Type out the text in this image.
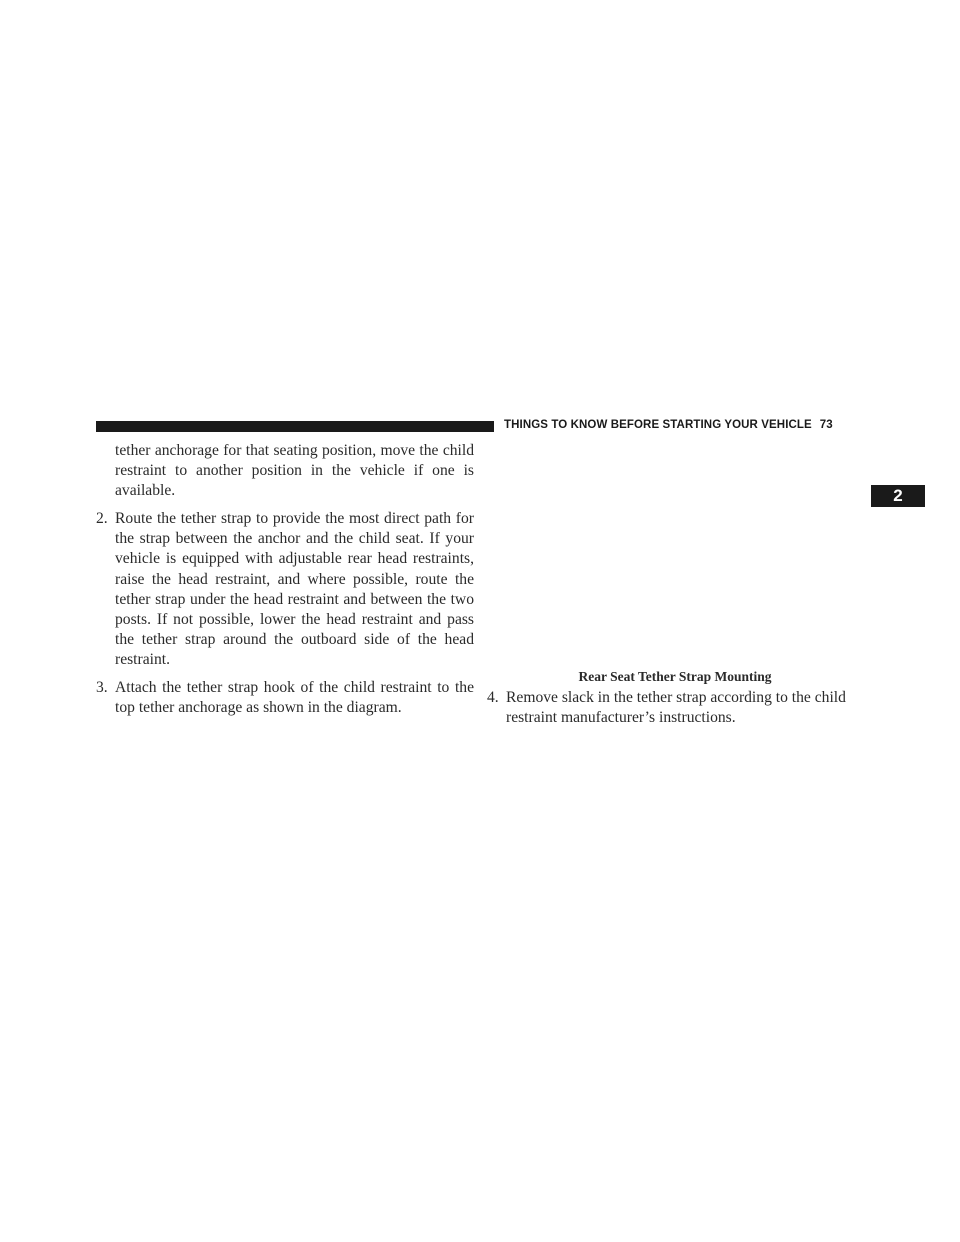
THINGS TO KNOW BEFORE STARTING YOUR VEHICLE 73
2

tether anchorage for that seating position, move the child restraint to another position in the vehicle if one is available.

2. Route the tether strap to provide the most direct path for the strap between the anchor and the child seat. If your vehicle is equipped with adjustable rear head restraints, raise the head restraint, and where possible, route the tether strap under the head restraint and between the two posts. If not possible, lower the head restraint and pass the tether strap around the outboard side of the head restraint.
3. Attach the tether strap hook of the child restraint to the top tether anchorage as shown in the diagram.
Rear Seat Tether Strap Mounting
4. Remove slack in the tether strap according to the child restraint manufacturer’s instructions.
